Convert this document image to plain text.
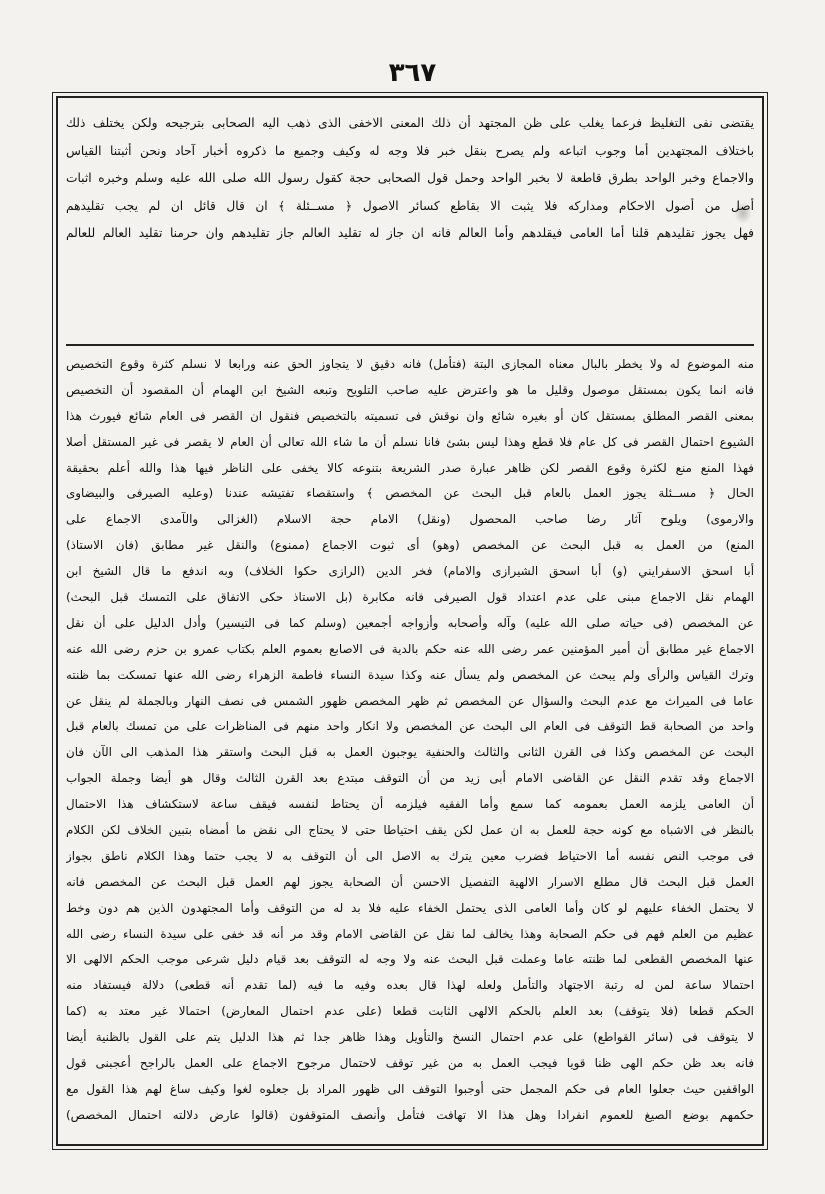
٣٦٧
يقتضى نفى التغليظ فرعما يغلب على ظن المجتهد أن ذلك المعنى الاخفى الذى ذهب اليه الصحابى بترجيحه ولكن يختلف ذلك
باختلاف المجتهدين أما وجوب اتباعه ولم يصرح بنقل خبر فلا وجه له وكيف وجميع ما ذكروه أخبار آحاد ونحن أثبتنا القياس
والاجماع وخبر الواحد بطرق قاطعة لا بخبر الواحد وحمل قول الصحابى حجة كقول رسول الله صلى الله عليه وسلم وخبره اثبات
أصل من أصول الاحكام ومداركه فلا يثبت الا بقاطع كسائر الاصول ﴿ مســئلة ﴾ ان قال قائل ان لم يجب تقليدهم
فهل يجوز تقليدهم قلنا أما العامى فيقلدهم وأما العالم فانه ان جاز له تقليد العالم جاز تقليدهم وان حرمنا تقليد العالم للعالم
منه الموضوع له ولا يخطر بالبال معناه المجازى البتة (فتأمل) فانه دقيق لا يتجاوز الحق عنه ورابعا لا نسلم كثرة وقوع التخصيص
فانه انما يكون بمستقل موصول وقليل ما هو واعترض عليه صاحب التلويح وتبعه الشيخ ابن الهمام أن المقصود أن التخصيص
بمعنى القصر المطلق بمستقل كان أو بغيره شائع وان نوقش فى تسميته بالتخصيص فنقول ان القصر فى العام شائع فيورث هذا
الشيوع احتمال القصر فى كل عام فلا قطع وهذا ليس بشئ فانا نسلم أن ما شاء الله تعالى أن العام لا يقصر فى غير المستقل أصلا
فهذا المنع منع لكثرة وقوع القصر لكن ظاهر عبارة صدر الشريعة بتنوعه كالا يخفى على الناظر فيها هذا والله أعلم بحقيقة
الحال ﴿ مســئلة يجوز العمل بالعام قبل البحث عن المخصص ﴾ واستقصاء تفتيشه عندنا (وعليه الصيرفى والبيضاوى
والارموى) ويلوح آثار رضا صاحب المحصول (ونقل) الامام حجة الاسلام (الغزالى والآمدى الاجماع على
المنع) من العمل به قبل البحث عن المخصص (وهو) أى ثبوت الاجماع (ممنوع) والنقل غير مطابق (فان الاستاذ)
أبا اسحق الاسفرايني (و) أبا اسحق الشيرازى والامام) فخر الدين (الرازى حكوا الخلاف) وبه اندفع ما قال الشيخ ابن
الهمام نقل الاجماع مبنى على عدم اعتداد قول الصيرفى فانه مكابرة (بل الاستاذ حكى الاتفاق على التمسك قبل البحث)
عن المخصص (فى حياته صلى الله عليه) وآله وأصحابه وأزواجه أجمعين (وسلم كما فى التيسير) وأدل الدليل على أن نقل
الاجماع غير مطابق أن أمير المؤمنين عمر رضى الله عنه حكم بالدية فى الاصابع بعموم العلم بكتاب عمرو بن حزم رضى الله عنه
وترك القياس والرأى ولم يبحث عن المخصص ولم يسأل عنه وكذا سيدة النساء فاطمة الزهراء رضى الله عنها تمسكت بما ظنته
عاما فى الميراث مع عدم البحث والسؤال عن المخصص ثم ظهر المخصص ظهور الشمس فى نصف النهار وبالجملة لم ينقل عن
واحد من الصحابة قط التوقف فى العام الى البحث عن المخصص ولا انكار واحد منهم فى المناظرات على من تمسك بالعام قبل
البحث عن المخصص وكذا فى القرن الثانى والثالث والحنفية يوجبون العمل به قبل البحث واستقر هذا المذهب الى الآن فان
الاجماع وقد تقدم النقل عن القاضى الامام أبى زيد من أن التوقف مبتدع بعد القرن الثالث وقال هو أيضا وجملة الجواب
أن العامى يلزمه العمل بعمومه كما سمع وأما الفقيه فيلزمه أن يحتاط لنفسه فيقف ساعة لاستكشاف هذا الاحتمال
بالنظر فى الاشباه مع كونه حجة للعمل به ان عمل لكن يقف احتياطا حتى لا يحتاج الى نقض ما أمضاه بتبين الخلاف لكن الكلام
فى موجب النص نفسه أما الاحتياط فضرب معين يترك به الاصل الى أن التوقف به لا يجب حتما وهذا الكلام ناطق بجواز
العمل قبل البحث قال مطلع الاسرار الالهية التفصيل الاحسن أن الصحابة يجوز لهم العمل قبل البحث عن المخصص فانه
لا يحتمل الخفاء عليهم لو كان وأما العامى الذى يحتمل الخفاء عليه فلا بد له من التوقف وأما المجتهدون الذين هم دون وخط
عظيم من العلم فهم فى حكم الصحابة وهذا يخالف لما نقل عن القاضى الامام وقد مر أنه قد خفى على سيدة النساء رضى الله
عنها المخصص القطعى لما ظنته عاما وعملت قبل البحث عنه ولا وجه له التوقف بعد قيام دليل شرعى موجب الحكم الالهى الا
احتمالا ساعة لمن له رتبة الاجتهاد والتأمل ولعله لهذا قال بعده وفيه ما فيه (لما تقدم أنه قطعى) دلالة فيستفاد منه
الحكم قطعا (فلا يتوقف) بعد العلم بالحكم الالهى الثابت قطعا (على عدم احتمال المعارض) احتمالا غير معتد به (كما
لا يتوقف فى (سائر القواطع) على عدم احتمال النسخ والتأويل وهذا ظاهر جدا ثم هذا الدليل يتم على القول بالظنية أيضا
فانه بعد ظن حكم الهى ظنا قويا فيجب العمل به من غير توقف لاحتمال مرجوح الاجماع على العمل بالراجح أعجبنى قول
الواقفين حيث جعلوا العام فى حكم المجمل حتى أوجبوا التوقف الى ظهور المراد بل جعلوه لغوا وكيف ساغ لهم هذا القول مع
حكمهم بوضع الصيغ للعموم انفرادا وهل هذا الا تهافت فتأمل وأنصف المتوقفون (قالوا عارض دلالته احتمال المخصص)
